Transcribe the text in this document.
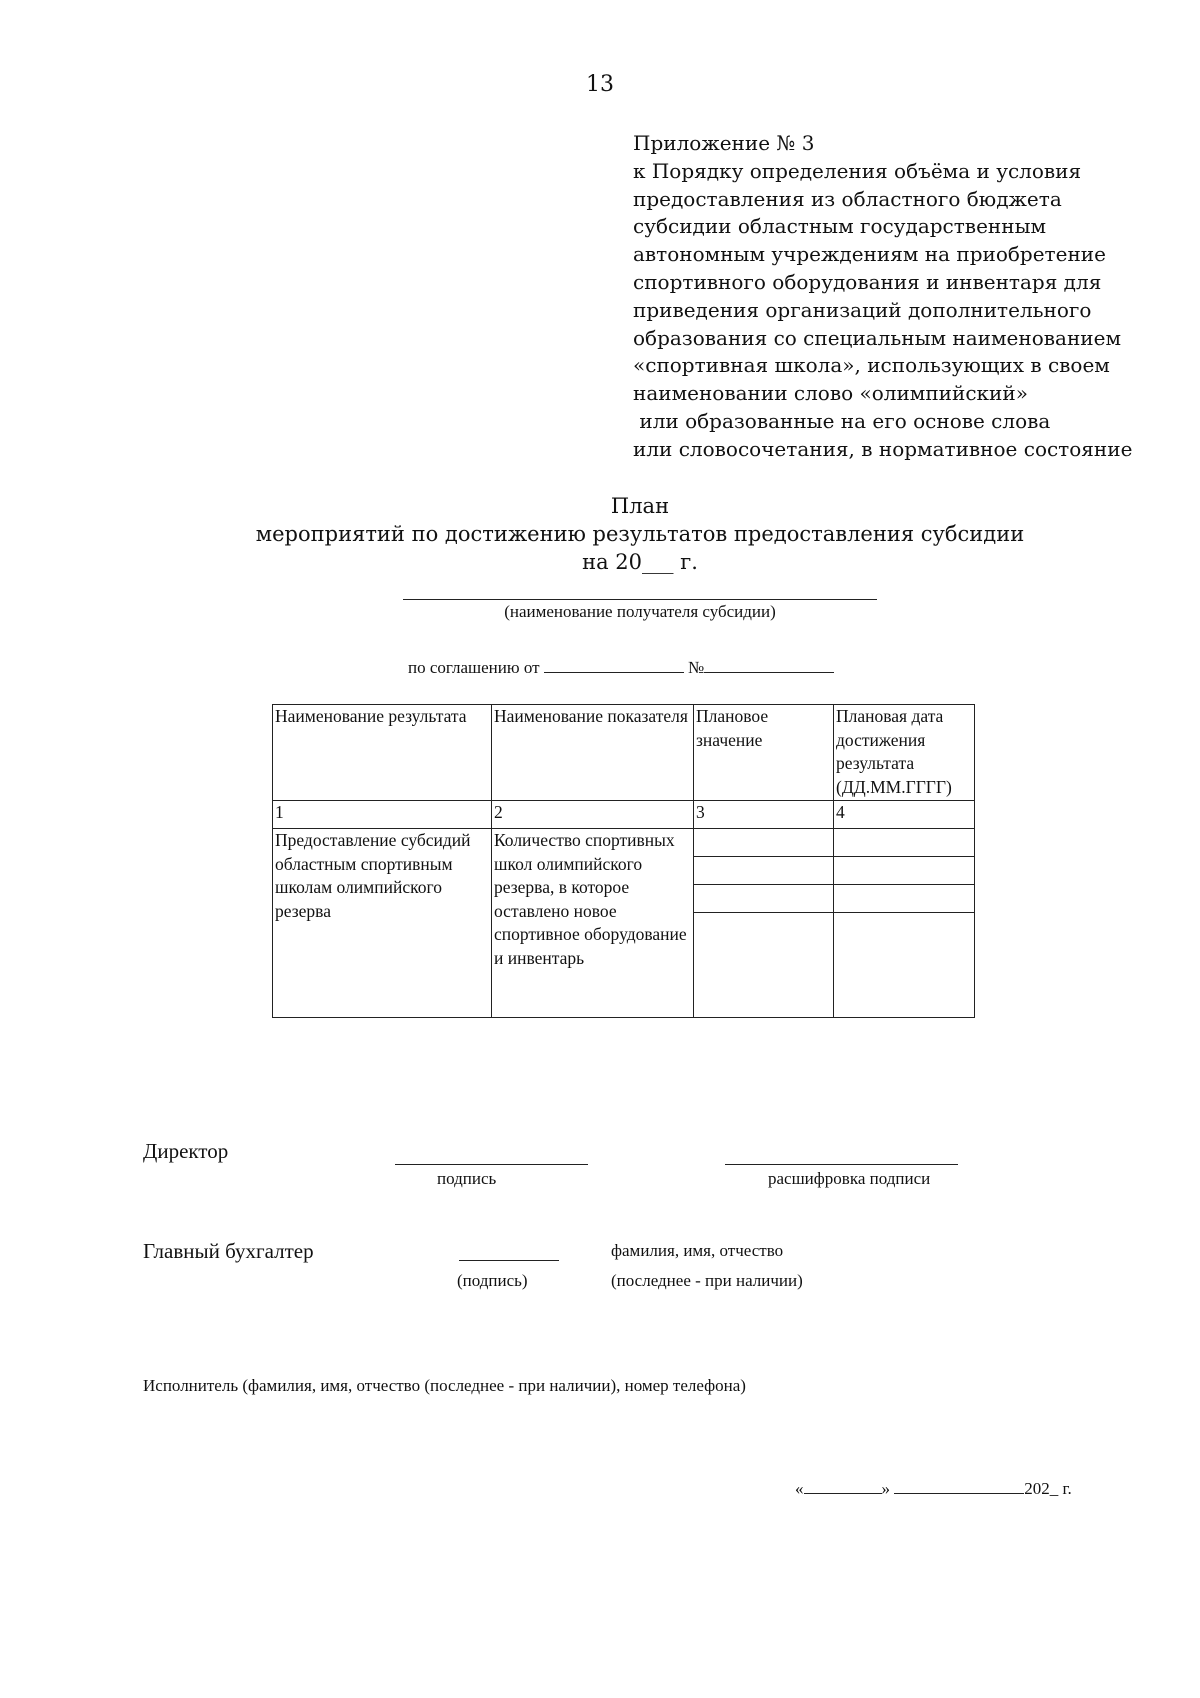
13
Приложение № 3
к Порядку определения объёма и условия
предоставления из областного бюджета
субсидии областным государственным
автономным учреждениям на приобретение
спортивного оборудования и инвентаря для
приведения организаций дополнительного
образования со специальным наименованием
«спортивная школа», использующих в своем
наименовании слово «олимпийский»
или образованные на его основе слова
или словосочетания, в нормативное состояние
План
мероприятий по достижению результатов предоставления субсидии
на 20___ г.
(наименование получателя субсидии)
по соглашению от	№
Наименование результата	Наименование показателя	Плановое значение	Плановая дата достижения результата (ДД.ММ.ГГГГ)
1	2	3	4
Предоставление субсидий областным спортивным школам олимпийского резерва	Количество спортивных школ олимпийского резерва, в которое оставлено новое спортивное оборудование и инвентарь	

Директор
подпись	расшифровка подписи
Главный бухгалтер
(подпись)
фамилия, имя, отчество
(последнее - при наличии)
Исполнитель (фамилия, имя, отчество (последнее - при наличии), номер телефона)
«	»	202_ г.
